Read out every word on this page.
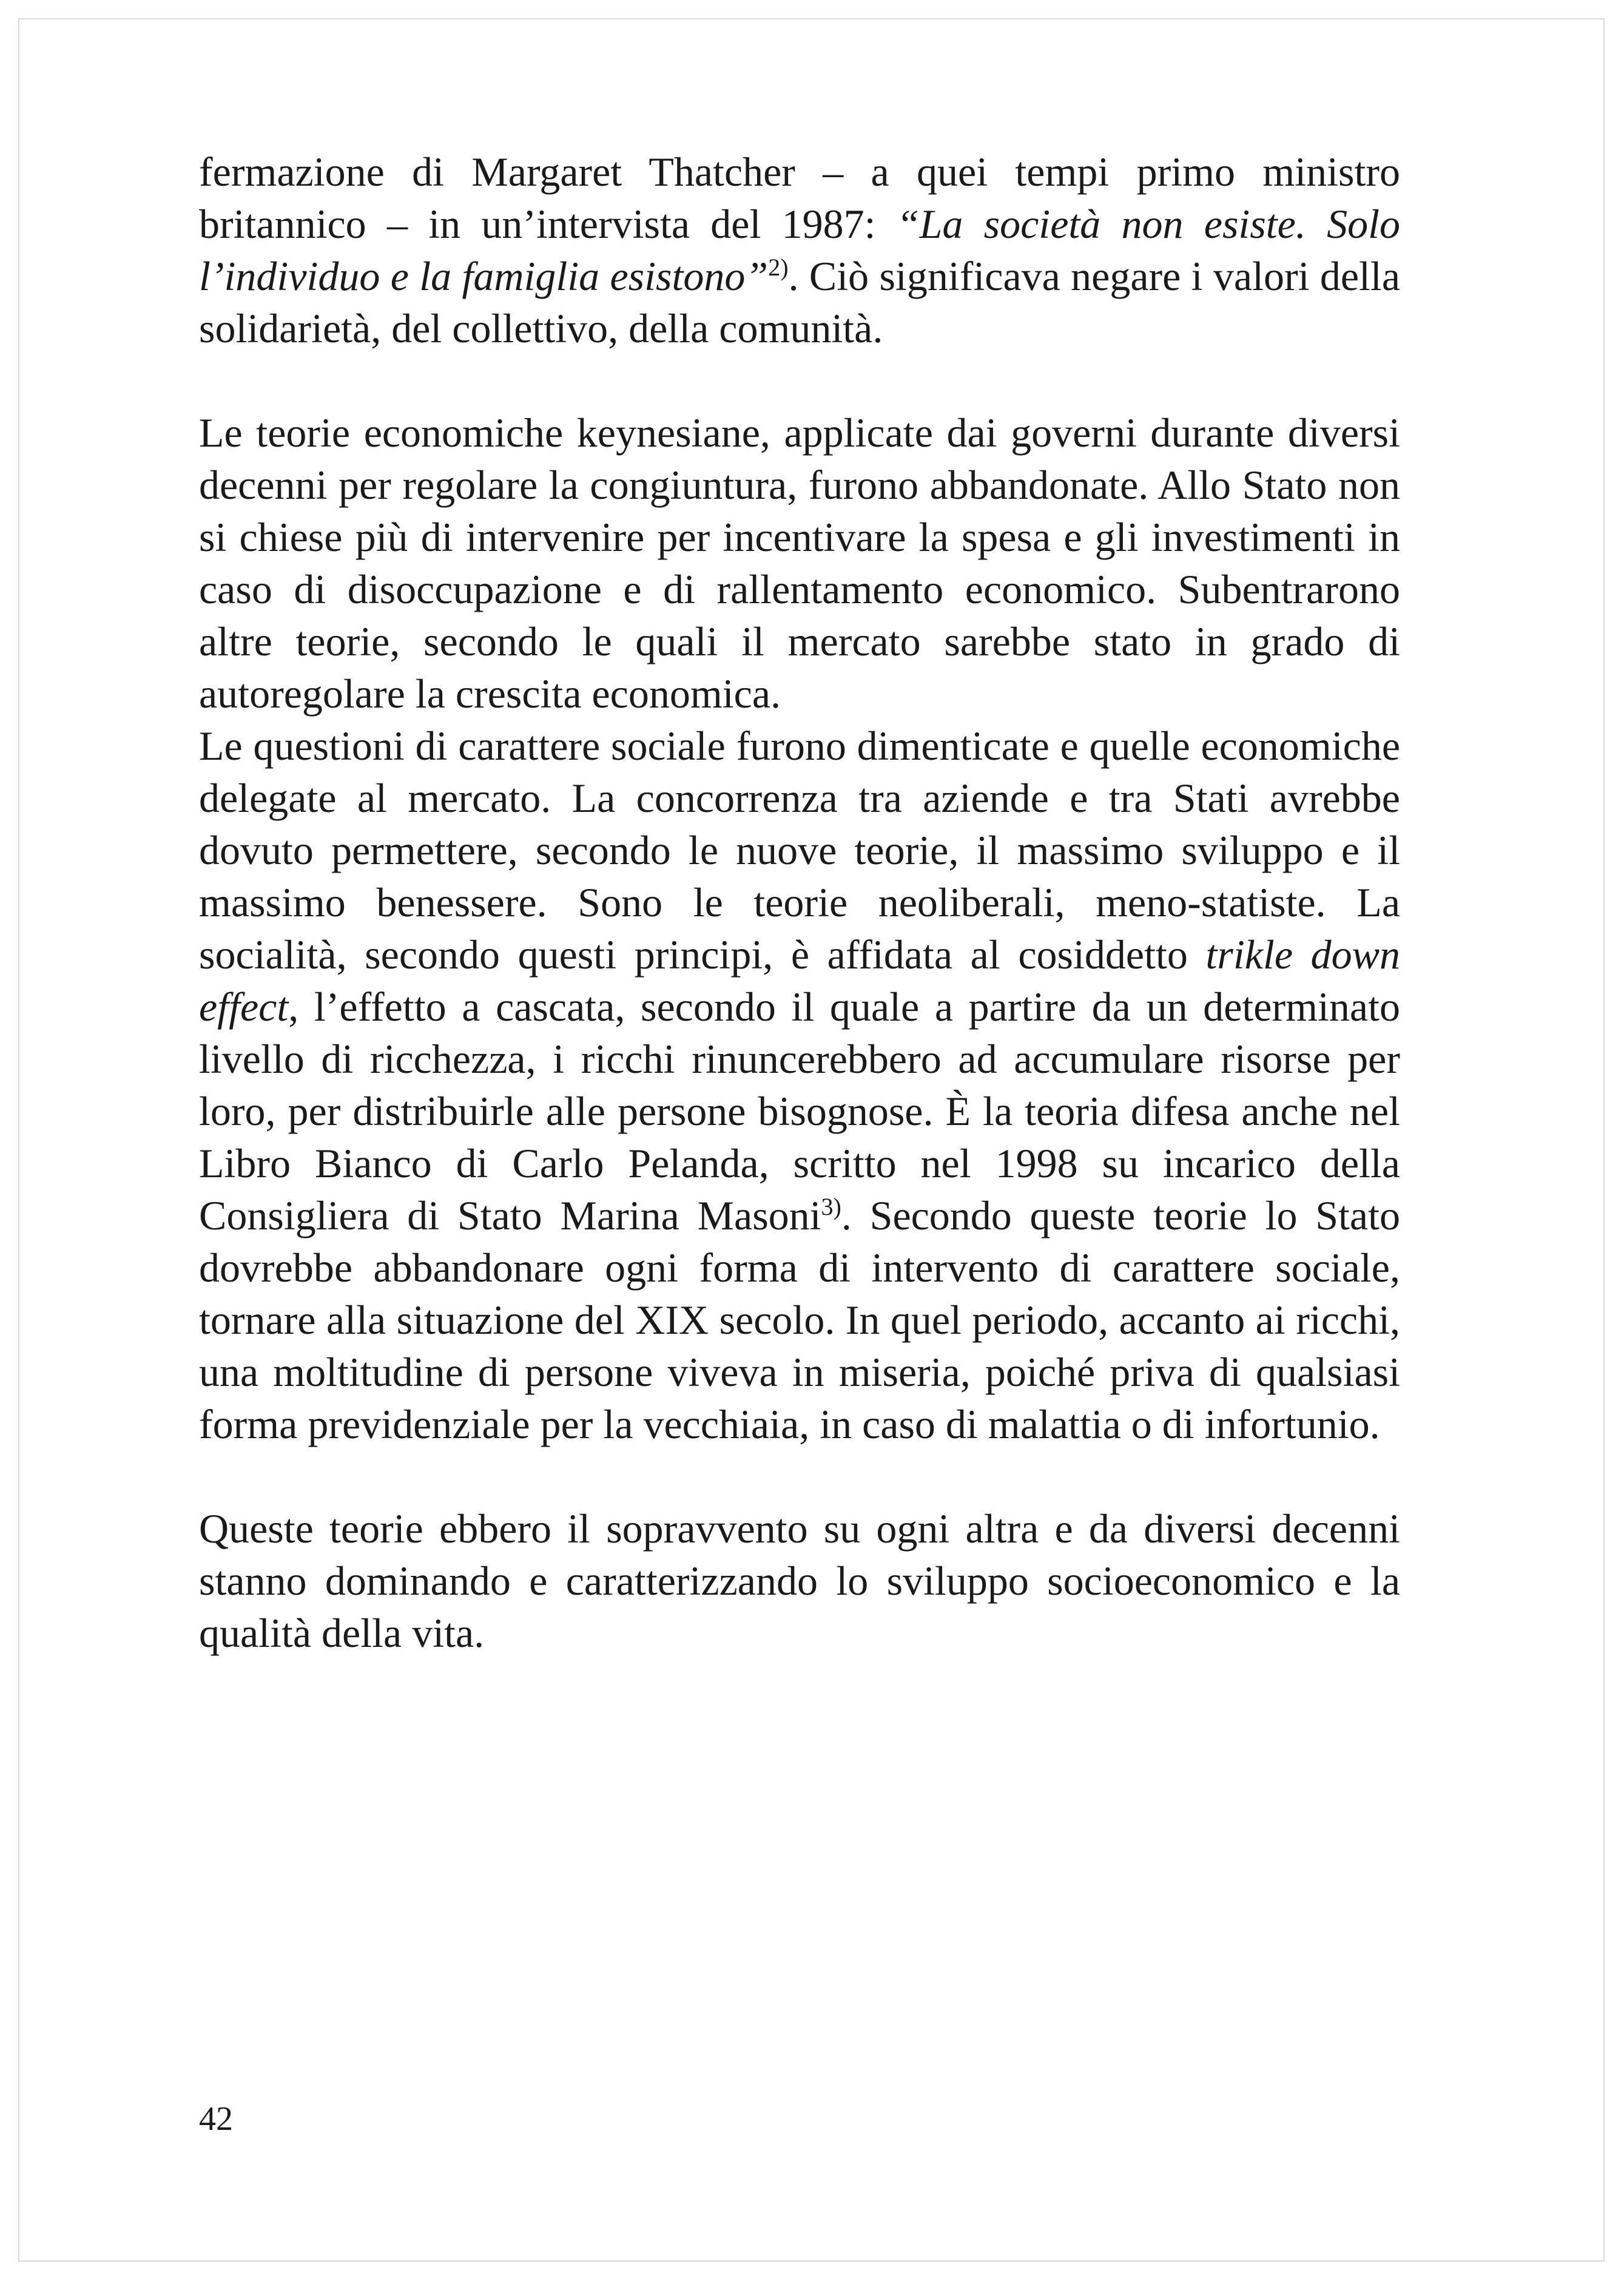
fermazione di Margaret Thatcher – a quei tempi primo ministro britannico – in un’intervista del 1987: “La società non esiste. Solo l’individuo e la famiglia esistono”$^{2)}$. Ciò significava negare i valori della solidarietà, del collettivo, della comunità.

Le teorie economiche keynesiane, applicate dai governi durante diversi decenni per regolare la congiuntura, furono abbandonate. Allo Stato non si chiese più di intervenire per incentivare la spesa e gli investimenti in caso di disoccupazione e di rallentamento economico. Subentrarono altre teorie, secondo le quali il mercato sarebbe stato in grado di autoregolare la crescita economica.

Le questioni di carattere sociale furono dimenticate e quelle economiche delegate al mercato. La concorrenza tra aziende e tra Stati avrebbe dovuto permettere, secondo le nuove teorie, il massimo sviluppo e il massimo benessere. Sono le teorie neoliberali, meno-statiste. La socialità, secondo questi principi, è affidata al cosiddetto trikle down effect, l’effetto a cascata, secondo il quale a partire da un determinato livello di ricchezza, i ricchi rinuncerebbero ad accumulare risorse per loro, per distribuirle alle persone bisognose. È la teoria difesa anche nel Libro Bianco di Carlo Pelanda, scritto nel 1998 su incarico della Consigliera di Stato Marina Masoni$^{3)}$. Secondo queste teorie lo Stato dovrebbe abbandonare ogni forma di intervento di carattere sociale, tornare alla situazione del XIX secolo. In quel periodo, accanto ai ricchi, una moltitudine di persone viveva in miseria, poiché priva di qualsiasi forma previdenziale per la vecchiaia, in caso di malattia o di infortunio.

Queste teorie ebbero il sopravvento su ogni altra e da diversi decenni stanno dominando e caratterizzando lo sviluppo socioeconomico e la qualità della vita.

42
